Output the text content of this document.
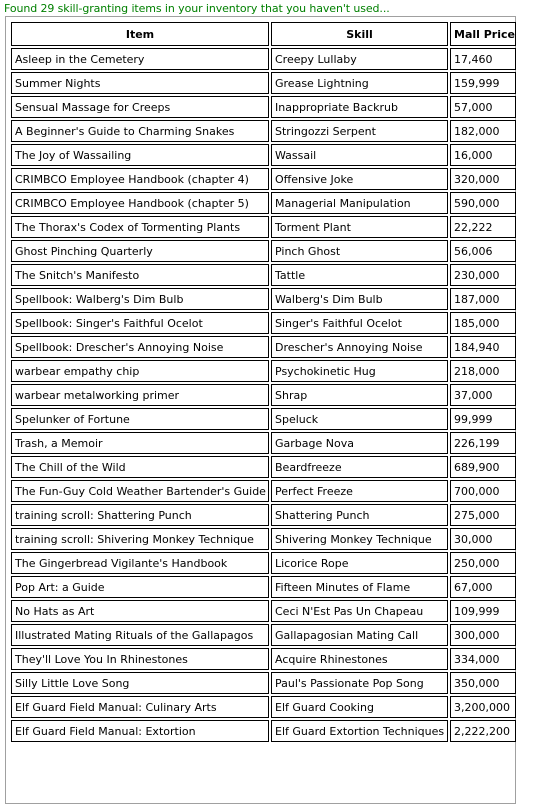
Found 29 skill-granting items in your inventory that you haven't used...
Item	Skill	Mall Price
Asleep in the Cemetery	Creepy Lullaby	17,460
Summer Nights	Grease Lightning	159,999
Sensual Massage for Creeps	Inappropriate Backrub	57,000
A Beginner's Guide to Charming Snakes	Stringozzi Serpent	182,000
The Joy of Wassailing	Wassail	16,000
CRIMBCO Employee Handbook (chapter 4)	Offensive Joke	320,000
CRIMBCO Employee Handbook (chapter 5)	Managerial Manipulation	590,000
The Thorax's Codex of Tormenting Plants	Torment Plant	22,222
Ghost Pinching Quarterly	Pinch Ghost	56,006
The Snitch's Manifesto	Tattle	230,000
Spellbook: Walberg's Dim Bulb	Walberg's Dim Bulb	187,000
Spellbook: Singer's Faithful Ocelot	Singer's Faithful Ocelot	185,000
Spellbook: Drescher's Annoying Noise	Drescher's Annoying Noise	184,940
warbear empathy chip	Psychokinetic Hug	218,000
warbear metalworking primer	Shrap	37,000
Spelunker of Fortune	Speluck	99,999
Trash, a Memoir	Garbage Nova	226,199
The Chill of the Wild	Beardfreeze	689,900
The Fun-Guy Cold Weather Bartender's Guide	Perfect Freeze	700,000
training scroll: Shattering Punch	Shattering Punch	275,000
training scroll: Shivering Monkey Technique	Shivering Monkey Technique	30,000
The Gingerbread Vigilante's Handbook	Licorice Rope	250,000
Pop Art: a Guide	Fifteen Minutes of Flame	67,000
No Hats as Art	Ceci N'Est Pas Un Chapeau	109,999
Illustrated Mating Rituals of the Gallapagos	Gallapagosian Mating Call	300,000
They'll Love You In Rhinestones	Acquire Rhinestones	334,000
Silly Little Love Song	Paul's Passionate Pop Song	350,000
Elf Guard Field Manual: Culinary Arts	Elf Guard Cooking	3,200,000
Elf Guard Field Manual: Extortion	Elf Guard Extortion Techniques	2,222,200
